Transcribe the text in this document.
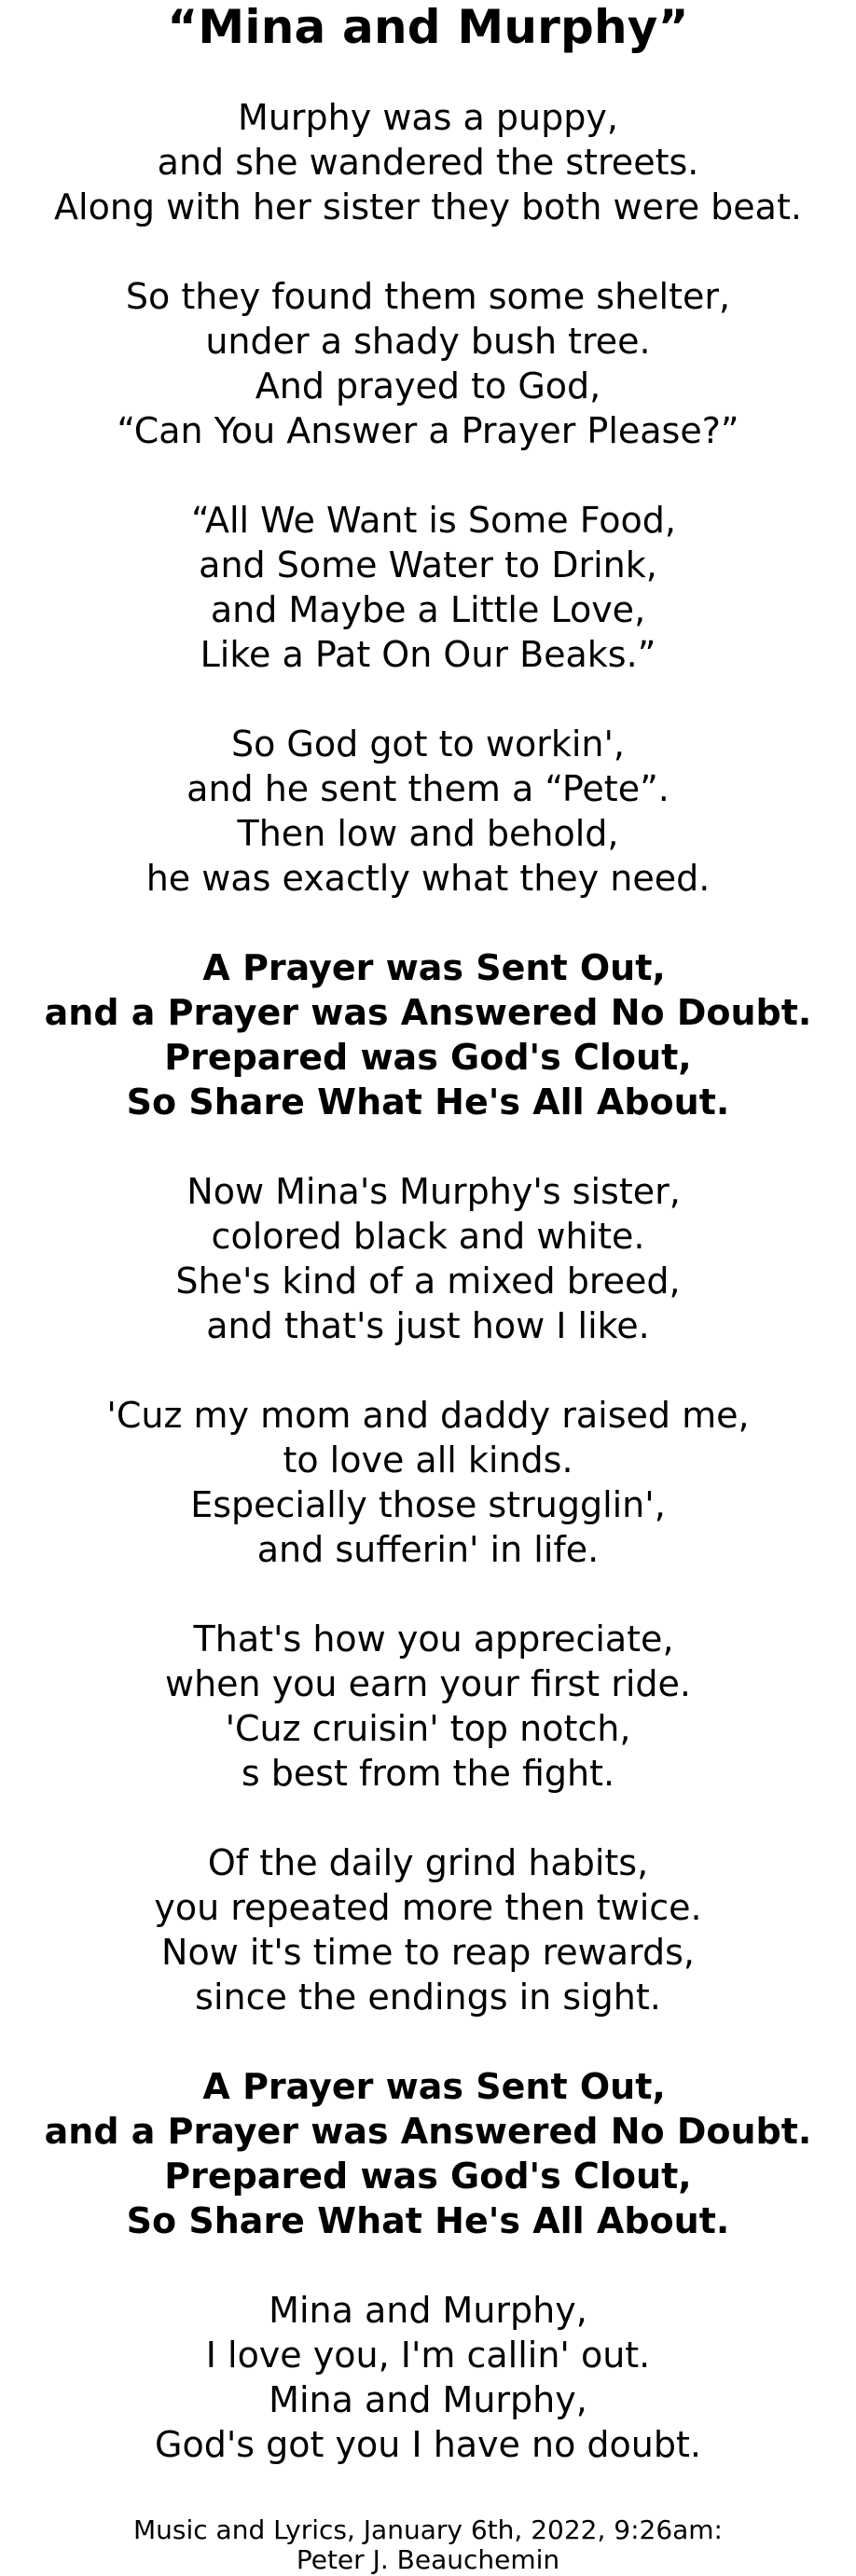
“Mina and Murphy”
Murphy was a puppy,
and she wandered the streets.
Along with her sister they both were beat.
So they found them some shelter,
under a shady bush tree.
And prayed to God,
“Can You Answer a Prayer Please?”
“All We Want is Some Food,
and Some Water to Drink,
and Maybe a Little Love,
Like a Pat On Our Beaks.”
So God got to workin',
and he sent them a “Pete”.
Then low and behold,
he was exactly what they need.
A Prayer was Sent Out,
and a Prayer was Answered No Doubt.
Prepared was God's Clout,
So Share What He's All About.
Now Mina's Murphy's sister,
colored black and white.
She's kind of a mixed breed,
and that's just how I like.
'Cuz my mom and daddy raised me,
to love all kinds.
Especially those strugglin',
and sufferin' in life.
That's how you appreciate,
when you earn your first ride.
'Cuz cruisin' top notch,
s best from the fight.
Of the daily grind habits,
you repeated more then twice.
Now it's time to reap rewards,
since the endings in sight.
A Prayer was Sent Out,
and a Prayer was Answered No Doubt.
Prepared was God's Clout,
So Share What He's All About.
Mina and Murphy,
I love you, I'm callin' out.
Mina and Murphy,
God's got you I have no doubt.
Music and Lyrics, January 6th, 2022, 9:26am:
Peter J. Beauchemin
